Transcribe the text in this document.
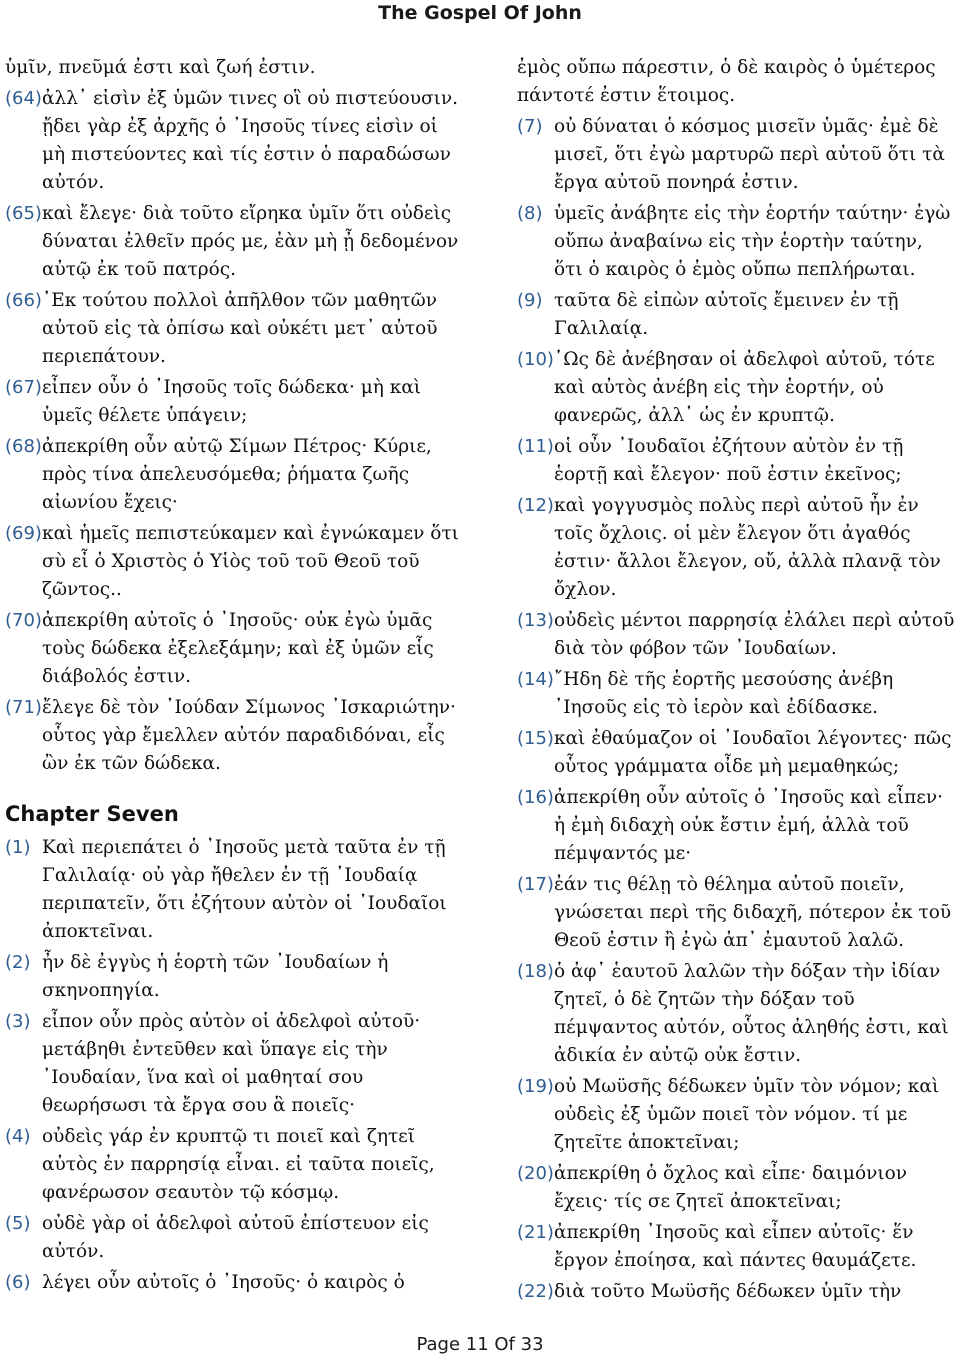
The Gospel Of John

ὑμῖν, πνεῦμά ἐστι καὶ ζωή ἐστιν.

(64)ἀλλ᾽ εἰσὶν ἐξ ὑμῶν τινες οἳ οὐ πιστεύουσιν. ᾔδει γὰρ ἐξ ἀρχῆς ὁ ᾿Ιησοῦς τίνες εἰσὶν οἱ μὴ πιστεύοντες καὶ τίς ἐστιν ὁ παραδώσων αὐτόν.

(65)καὶ ἔλεγε· διὰ τοῦτο εἴρηκα ὑμῖν ὅτι οὐδεὶς δύναται ἐλθεῖν πρός με, ἐὰν μὴ ᾖ δεδομένον αὐτῷ ἐκ τοῦ πατρός.

(66)᾿Εκ τούτου πολλοὶ ἀπῆλθον τῶν μαθητῶν αὐτοῦ εἰς τὰ ὀπίσω καὶ οὐκέτι μετ᾽ αὐτοῦ περιεπάτουν.

(67)εἶπεν οὖν ὁ ᾿Ιησοῦς τοῖς δώδεκα· μὴ καὶ ὑμεῖς θέλετε ὑπάγειν;

(68)ἀπεκρίθη οὖν αὐτῷ Σίμων Πέτρος· Κύριε, πρὸς τίνα ἀπελευσόμεθα; ῥήματα ζωῆς αἰωνίου ἔχεις·

(69)καὶ ἡμεῖς πεπιστεύκαμεν καὶ ἐγνώκαμεν ὅτι σὺ εἶ ὁ Χριστὸς ὁ Υἱὸς τοῦ τοῦ Θεοῦ τοῦ ζῶντος..

(70)ἀπεκρίθη αὐτοῖς ὁ ᾿Ιησοῦς· οὐκ ἐγὼ ὑμᾶς τοὺς δώδεκα ἐξελεξάμην; καὶ ἐξ ὑμῶν εἷς διάβολός ἐστιν.

(71)ἔλεγε δὲ τὸν ᾿Ιούδαν Σίμωνος ᾿Ισκαριώτην· οὗτος γὰρ ἔμελλεν αὐτόν παραδιδόναι, εἷς ὢν ἐκ τῶν δώδεκα.

Chapter Seven

(1) Καὶ περιεπάτει ὁ ᾿Ιησοῦς μετὰ ταῦτα ἐν τῇ Γαλιλαίᾳ· οὐ γὰρ ἤθελεν ἐν τῇ ᾿Ιουδαίᾳ περιπατεῖν, ὅτι ἐζήτουν αὐτὸν οἱ ᾿Ιουδαῖοι ἀποκτεῖναι.

(2) ἦν δὲ ἐγγὺς ἡ ἑορτὴ τῶν ᾿Ιουδαίων ἡ σκηνοπηγία.

(3) εἶπον οὖν πρὸς αὐτὸν οἱ ἀδελφοὶ αὐτοῦ· μετάβηθι ἐντεῦθεν καὶ ὕπαγε εἰς τὴν ᾿Ιουδαίαν, ἵνα καὶ οἱ μαθηταί σου θεωρήσωσι τὰ ἔργα σου ἃ ποιεῖς·

(4) οὐδεὶς γάρ ἐν κρυπτῷ τι ποιεῖ καὶ ζητεῖ αὐτὸς ἐν παρρησίᾳ εἶναι. εἰ ταῦτα ποιεῖς, φανέρωσον σεαυτὸν τῷ κόσμῳ.

(5) οὐδὲ γὰρ οἱ ἀδελφοὶ αὐτοῦ ἐπίστευον εἰς αὐτόν.

(6) λέγει οὖν αὐτοῖς ὁ ᾿Ιησοῦς· ὁ καιρὸς ὁ

ἐμὸς οὔπω πάρεστιν, ὁ δὲ καιρὸς ὁ ὑμέτερος πάντοτέ ἐστιν ἕτοιμος.

(7) οὐ δύναται ὁ κόσμος μισεῖν ὑμᾶς· ἐμὲ δὲ μισεῖ, ὅτι ἐγὼ μαρτυρῶ περὶ αὐτοῦ ὅτι τὰ ἔργα αὐτοῦ πονηρά ἐστιν.

(8) ὑμεῖς ἀνάβητε εἰς τὴν ἑορτήν ταύτην· ἐγὼ οὔπω ἀναβαίνω εἰς τὴν ἑορτὴν ταύτην, ὅτι ὁ καιρὸς ὁ ἐμὸς οὔπω πεπλήρωται.

(9) ταῦτα δὲ εἰπὼν αὐτοῖς ἔμεινεν ἐν τῇ Γαλιλαίᾳ.

(10)῾Ως δὲ ἀνέβησαν οἱ ἀδελφοὶ αὐτοῦ, τότε καὶ αὐτὸς ἀνέβη εἰς τὴν ἑορτήν, οὐ φανερῶς, ἀλλ᾽ ὡς ἐν κρυπτῷ.

(11)οἱ οὖν ᾿Ιουδαῖοι ἐζήτουν αὐτὸν ἐν τῇ ἑορτῇ καὶ ἔλεγον· ποῦ ἐστιν ἐκεῖνος;

(12)καὶ γογγυσμὸς πολὺς περὶ αὐτοῦ ἦν ἐν τοῖς ὄχλοις. οἱ μὲν ἔλεγον ὅτι ἀγαθός ἐστιν· ἄλλοι ἔλεγον, οὔ, ἀλλὰ πλανᾷ τὸν ὄχλον.

(13)οὐδεὶς μέντοι παρρησίᾳ ἐλάλει περὶ αὐτοῦ διὰ τὸν φόβον τῶν ᾿Ιουδαίων.

(14)῎Ηδη δὲ τῆς ἑορτῆς μεσούσης ἀνέβη ᾿Ιησοῦς εἰς τὸ ἱερὸν καὶ ἐδίδασκε.

(15)καὶ ἐθαύμαζον οἱ ᾿Ιουδαῖοι λέγοντες· πῶς οὗτος γράμματα οἶδε μὴ μεμαθηκώς;

(16)ἀπεκρίθη οὖν αὐτοῖς ὁ ᾿Ιησοῦς καὶ εἶπεν· ἡ ἐμὴ διδαχὴ οὐκ ἔστιν ἐμή, ἀλλὰ τοῦ πέμψαντός με·

(17)ἐάν τις θέλῃ τὸ θέλημα αὐτοῦ ποιεῖν, γνώσεται περὶ τῆς διδαχῆ, πότερον ἐκ τοῦ Θεοῦ ἐστιν ἢ ἐγὼ ἀπ᾽ ἐμαυτοῦ λαλῶ.

(18)ὁ ἀφ᾽ ἑαυτοῦ λαλῶν τὴν δόξαν τὴν ἰδίαν ζητεῖ, ὁ δὲ ζητῶν τὴν δόξαν τοῦ πέμψαντος αὐτόν, οὗτος ἀληθής ἐστι, καὶ ἀδικία ἐν αὐτῷ οὐκ ἔστιν.

(19)οὐ Μωϋσῆς δέδωκεν ὑμῖν τὸν νόμον; καὶ οὐδεὶς ἐξ ὑμῶν ποιεῖ τὸν νόμον. τί με ζητεῖτε ἀποκτεῖναι;

(20)ἀπεκρίθη ὁ ὄχλος καὶ εἶπε· δαιμόνιον ἔχεις· τίς σε ζητεῖ ἀποκτεῖναι;

(21)ἀπεκρίθη ᾿Ιησοῦς καὶ εἶπεν αὐτοῖς· ἕν ἔργον ἐποίησα, καὶ πάντες θαυμάζετε.

(22)διὰ τοῦτο Μωϋσῆς δέδωκεν ὑμῖν τὴν

Page 11 Of 33
